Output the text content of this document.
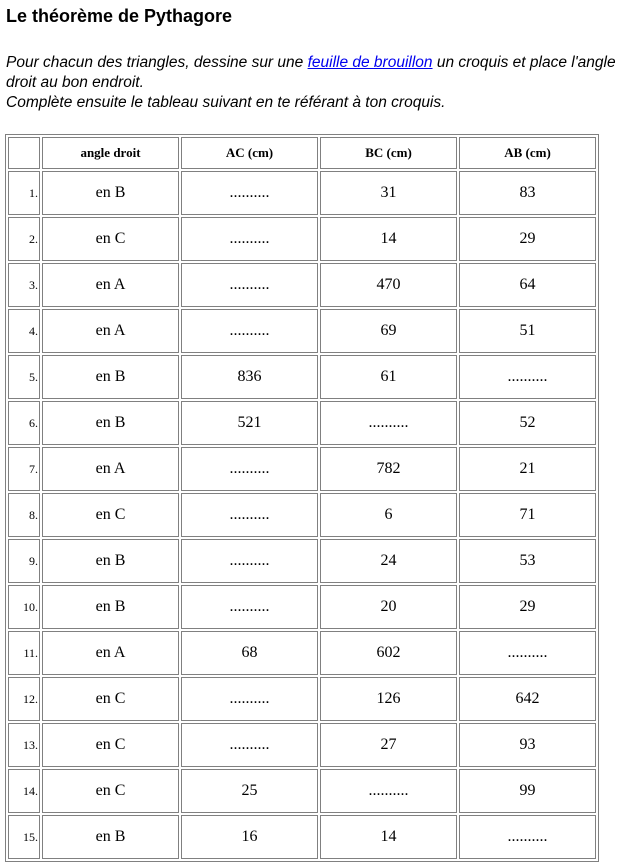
Le théorème de Pythagore

Pour chacun des triangles, dessine sur une feuille de brouillon un croquis et place l'angle droit au bon endroit.
Complète ensuite le tableau suivant en te référant à ton croquis.

	angle droit	AC (cm)	BC (cm)	AB (cm)
1.	en B	..........	31	83
2.	en C	..........	14	29
3.	en A	..........	470	64
4.	en A	..........	69	51
5.	en B	836	61	..........
6.	en B	521	..........	52
7.	en A	..........	782	21
8.	en C	..........	6	71
9.	en B	..........	24	53
10.	en B	..........	20	29
11.	en A	68	602	..........
12.	en C	..........	126	642
13.	en C	..........	27	93
14.	en C	25	..........	99
15.	en B	16	14	..........
